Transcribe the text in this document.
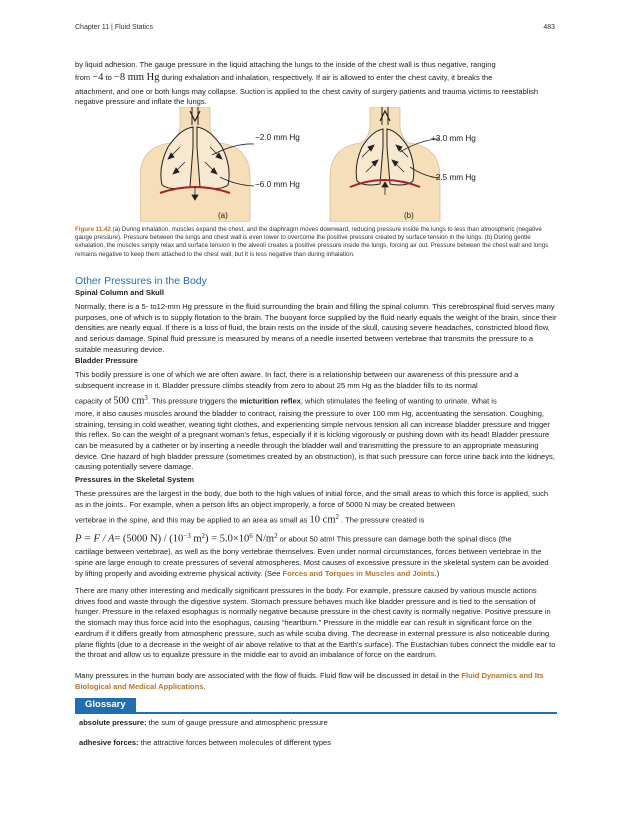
Chapter 11 | Fluid Statics	483

by liquid adhesion. The gauge pressure in the liquid attaching the lungs to the inside of the chest wall is thus negative, ranging

from −4 to −8 mm Hg during exhalation and inhalation, respectively. If air is allowed to enter the chest cavity, it breaks the

attachment, and one or both lungs may collapse. Suction is applied to the chest cavity of surgery patients and trauma victims to reestablish negative pressure and inflate the lungs.

−2.0 mm Hg
−6.0 mm Hg
+3.0 mm Hg
−2.5 mm Hg
(a)	(b)
Figure 11.42 (a) During inhalation, muscles expand the chest, and the diaphragm moves downward, reducing pressure inside the lungs to less than atmospheric (negative gauge pressure). Pressure between the lungs and chest wall is even lower to overcome the positive pressure created by surface tension in the lungs. (b) During gentle exhalation, the muscles simply relax and surface tension in the alveoli creates a positive pressure inside the lungs, forcing air out. Pressure between the chest wall and lungs remains negative to keep them attached to the chest wall, but it is less negative than during inhalation.
Other Pressures in the Body
Spinal Column and Skull
Normally, there is a 5- to12-mm Hg pressure in the fluid surrounding the brain and filling the spinal column. This cerebrospinal fluid serves many purposes, one of which is to supply flotation to the brain. The buoyant force supplied by the fluid nearly equals the weight of the brain, since their densities are nearly equal. If there is a loss of fluid, the brain rests on the inside of the skull, causing severe headaches, constricted blood flow, and serious damage. Spinal fluid pressure is measured by means of a needle inserted between vertebrae that transmits the pressure to a suitable measuring device.
Bladder Pressure

This bodily pressure is one of which we are often aware. In fact, there is a relationship between our awareness of this pressure and a subsequent increase in it. Bladder pressure climbs steadily from zero to about 25 mm Hg as the bladder fills to its normal

capacity of 500 $cm^3$. This pressure triggers the micturition reflex, which stimulates the feeling of wanting to urinate. What is

more, it also causes muscles around the bladder to contract, raising the pressure to over 100 mm Hg, accentuating the sensation. Coughing, straining, tensing in cold weather, wearing tight clothes, and experiencing simple nervous tension all can increase bladder pressure and trigger this reflex. So can the weight of a pregnant woman's fetus, especially if it is kicking vigorously or pushing down with its head! Bladder pressure can be measured by a catheter or by inserting a needle through the bladder wall and transmitting the pressure to an appropriate measuring device. One hazard of high bladder pressure (sometimes created by an obstruction), is that such pressure can force urine back into the kidneys, causing potentially severe damage.

Pressures in the Skeletal System

These pressures are the largest in the body, due both to the high values of initial force, and the small areas to which this force is applied, such as in the joints.. For example, when a person lifts an object improperly, a force of 5000 N may be created between

vertebrae in the spine, and this may be applied to an area as small as 10 $cm^2$ . The pressure created is

P = F / A= (5000 $N) / (10^{-3}$ $m^2) = 5.0\times 10^6$ $N/m^2$ or about 50 atm! This pressure can damage both the spinal discs (the

cartilage between vertebrae), as well as the bony vertebrae themselves. Even under normal circumstances, forces between vertebrae in the spine are large enough to create pressures of several atmospheres. Most causes of excessive pressure in the skeletal system can be avoided by lifting properly and avoiding extreme physical activity. (See Forces and Torques in Muscles and Joints.)

There are many other interesting and medically significant pressures in the body. For example, pressure caused by various muscle actions drives food and waste through the digestive system. Stomach pressure behaves much like bladder pressure and is tied to the sensation of hunger. Pressure in the relaxed esophagus is normally negative because pressure in the chest cavity is normally negative. Positive pressure in the stomach may thus force acid into the esophagus, causing “heartburn.” Pressure in the middle ear can result in significant force on the eardrum if it differs greatly from atmospheric pressure, such as while scuba diving. The decrease in external pressure is also noticeable during plane flights (due to a decrease in the weight of air above relative to that at the Earth's surface). The Eustachian tubes connect the middle ear to the throat and allow us to equalize pressure in the middle ear to avoid an imbalance of force on the eardrum.
Many pressures in the human body are associated with the flow of fluids. Fluid flow will be discussed in detail in the Fluid Dynamics and Its Biological and Medical Applications.
Glossary
absolute pressure: the sum of gauge pressure and atmospheric pressure
adhesive forces: the attractive forces between molecules of different types
